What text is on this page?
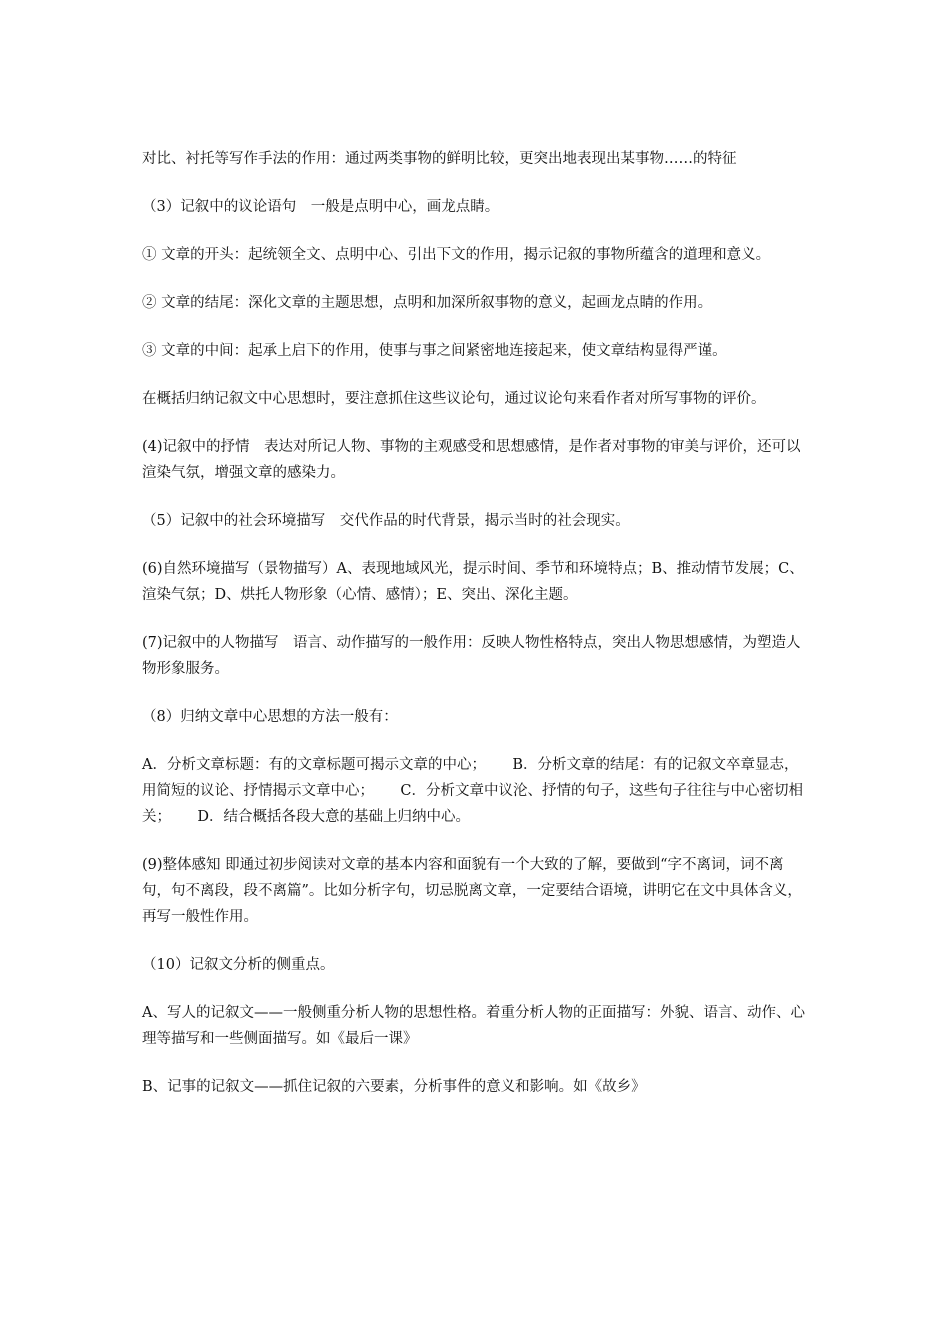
对比、衬托等写作手法的作用：通过两类事物的鲜明比较，更突出地表现出某事物……的特征

（3）记叙中的议论语句　一般是点明中心，画龙点睛。

① 文章的开头：起统领全文、点明中心、引出下文的作用，揭示记叙的事物所蕴含的道理和意义。

② 文章的结尾：深化文章的主题思想，点明和加深所叙事物的意义，起画龙点睛的作用。

③ 文章的中间：起承上启下的作用，使事与事之间紧密地连接起来，使文章结构显得严谨。

在概括归纳记叙文中心思想时，要注意抓住这些议论句，通过议论句来看作者对所写事物的评价。

(4)记叙中的抒情　表达对所记人物、事物的主观感受和思想感情，是作者对事物的审美与评价，还可以渲染气氛，增强文章的感染力。

（5）记叙中的社会环境描写　交代作品的时代背景，揭示当时的社会现实。

(6)自然环境描写（景物描写）A、表现地域风光，提示时间、季节和环境特点；B、推动情节发展；C、渲染气氛；D、烘托人物形象（心情、感情）；E、突出、深化主题。

(7)记叙中的人物描写　语言、动作描写的一般作用：反映人物性格特点，突出人物思想感情，为塑造人物形象服务。

（8）归纳文章中心思想的方法一般有：

A．分析文章标题：有的文章标题可揭示文章的中心；　　 B．分析文章的结尾：有的记叙文卒章显志，用简短的议论、抒情揭示文章中心；　　 C．分析文章中议沦、抒情的句子，这些句子往往与中心密切相关；　　 D．结合概括各段大意的基础上归纳中心。

(9)整体感知 即通过初步阅读对文章的基本内容和面貌有一个大致的了解，要做到“字不离词，词不离句，句不离段，段不离篇”。比如分析字句，切忌脱离文章，一定要结合语境，讲明它在文中具体含义，再写一般性作用。

（10）记叙文分析的侧重点。

A、写人的记叙文——一般侧重分析人物的思想性格。着重分析人物的正面描写：外貌、语言、动作、心理等描写和一些侧面描写。如《最后一课》

B、记事的记叙文——抓住记叙的六要素，分析事件的意义和影响。如《故乡》
